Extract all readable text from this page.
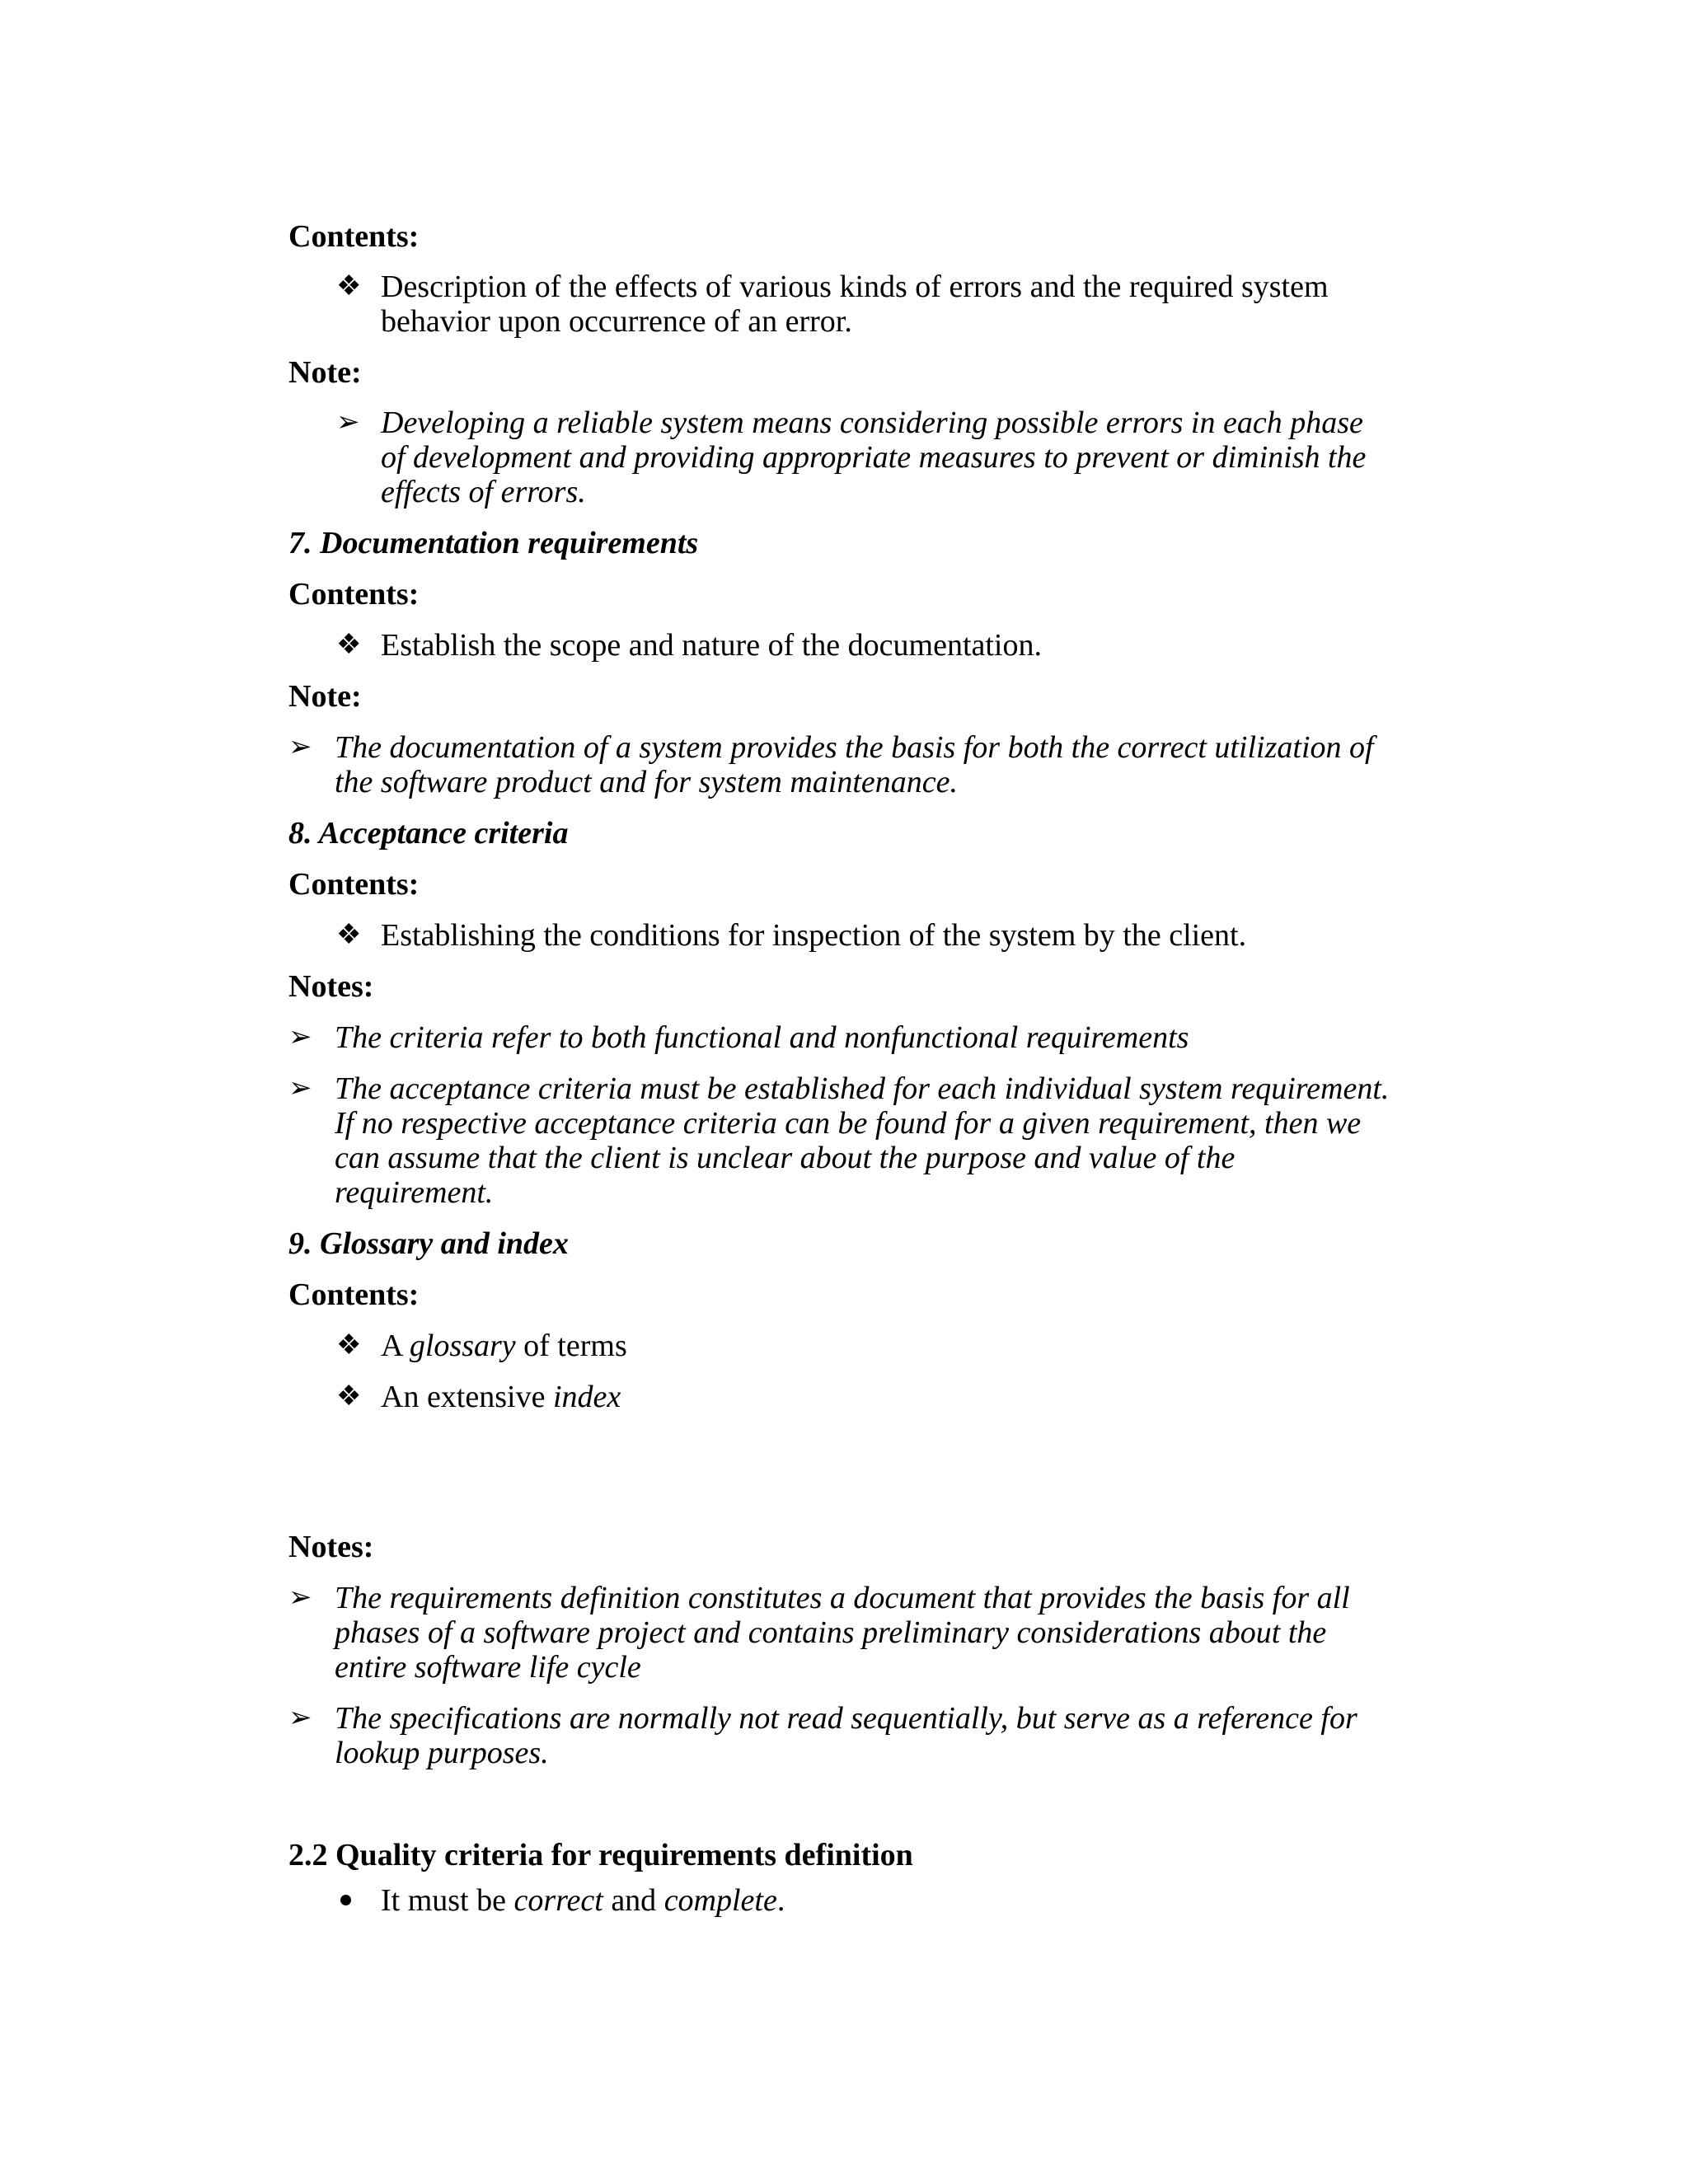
Contents:
❖ Description of the effects of various kinds of errors and the required system
behavior upon occurrence of an error.
Note:
➢ Developing a reliable system means considering possible errors in each phase
of development and providing appropriate measures to prevent or diminish the
effects of errors.
7. Documentation requirements
Contents:
❖ Establish the scope and nature of the documentation.
Note:
➢ The documentation of a system provides the basis for both the correct utilization of
the software product and for system maintenance.
8. Acceptance criteria
Contents:
❖ Establishing the conditions for inspection of the system by the client.
Notes:
➢ The criteria refer to both functional and nonfunctional requirements
➢ The acceptance criteria must be established for each individual system requirement.
If no respective acceptance criteria can be found for a given requirement, then we
can assume that the client is unclear about the purpose and value of the
requirement.
9. Glossary and index
Contents:
❖ A glossary of terms
❖ An extensive index
Notes:
➢ The requirements definition constitutes a document that provides the basis for all
phases of a software project and contains preliminary considerations about the
entire software life cycle
➢ The specifications are normally not read sequentially, but serve as a reference for
lookup purposes.
2.2 Quality criteria for requirements definition
It must be correct and complete.
